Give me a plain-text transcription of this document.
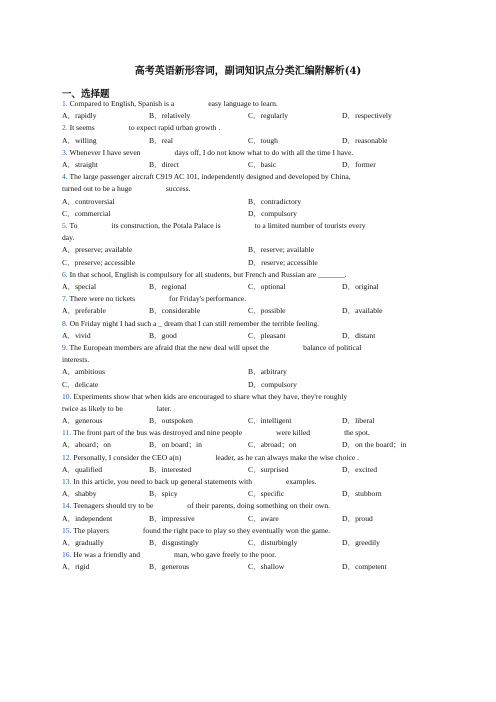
高考英语新形容词，副词知识点分类汇编附解析(4)
一、选择题
1. Compared to English, Spanish is a	easy language to learn.
A．rapidly	B．relatively	C．regularly	D．respectively
2. It seems	to expect rapid urban growth .
A．willing	B．real	C．tough	D．reasonable
3. Whenever I have seven	days off, I do not know what to do with all the time I have.
A．straight	B．direct	C．basic	D．former
4. The large passenger aircraft C919 AC 101, independently designed and developed by China,
turned out to be a huge	success.
A．controversial	B．contradictory
C．commercial	D．compulsory
5. To	its construction, the Potala Palace is	to a limited number of tourists every
day.
A．preserve; available	B．reserve; available
C．preserve; accessible	D．reserve; accessible
6. In that school, English is compulsory for all students, but French and Russian are _______.
A．special	B．regional	C．optional	D．original
7. There were no tickets	for Friday's performance.
A．preferable	B．considerable	C．possible	D．available
8. On Friday night I had such a _ dream that I can still remember the terrible feeling.
A．vivid	B．good	C．pleasant	D．distant
9. The European members are afraid that the new deal will upset the	balance of political
interests.
A．ambitious	B．arbitrary
C．delicate	D．compulsory
10. Experiments show that when kids are encouraged to share what they have, they're roughly
twice as likely to be	later.
A．generous	B．outspoken	C．intelligent	D．liberal
11. The front part of the bus was destroyed and nine people	were killed	the spot.
A．aboard；on	B．on board；in	C．abroad；on	D．on the board；in
12. Personally, I consider the CEO a(n)	leader, as he can always make the wise choice .
A．qualified	B．interested	C．surprised	D．excited
13. In this article, you need to back up general statements with	examples.
A．shabby	B．spicy	C．specific	D．stubborn
14. Teenagers should try to be	of their parents, doing something on their own.
A．independent	B．impressive	C．aware	D．proud
15. The players	found the right pace to play so they eventually won the game.
A．gradually	B．disgustingly	C．disturbingly	D．greedily
16. He was a friendly and	man, who gave freely to the poor.
A．rigid	B．generous	C．shallow	D．competent
